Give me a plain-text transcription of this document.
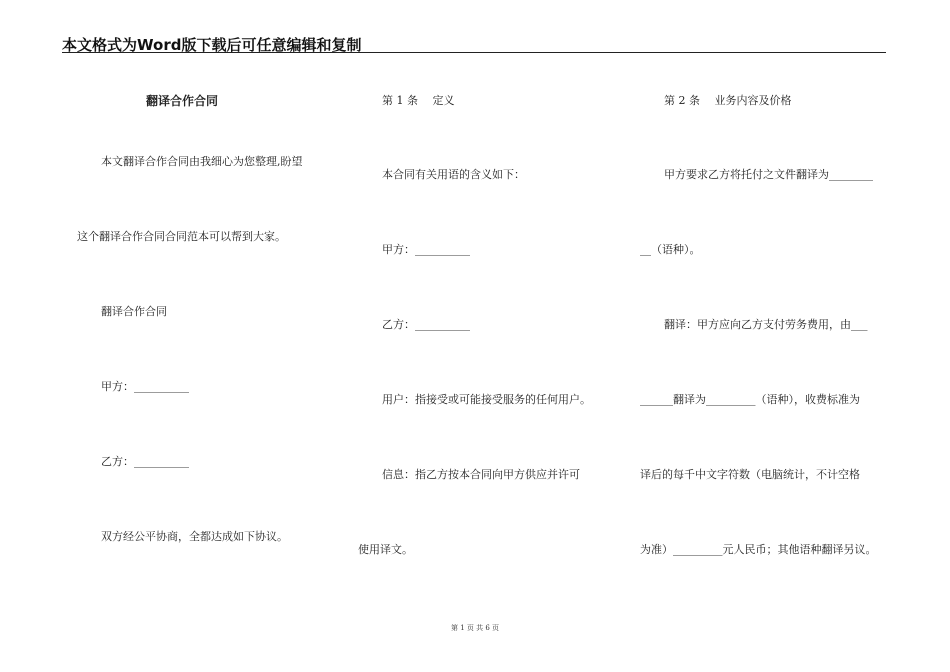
本文格式为Word版下载后可任意编辑和复制
翻译合作合同
本文翻译合作合同由我细心为您整理,盼望
这个翻译合作合同合同范本可以帮到大家。
翻译合作合同
甲方：__________
乙方：__________
双方经公平协商，全都达成如下协议。
第 1 条　 定义
本合同有关用语的含义如下：
甲方：__________
乙方：__________
用户：指接受或可能接受服务的任何用户。
信息：指乙方按本合同向甲方供应并许可
使用译文。
第 2 条　 业务内容及价格
甲方要求乙方将托付之文件翻译为________
__（语种）。
翻译：甲方应向乙方支付劳务费用，由___
______翻译为_________（语种），收费标准为
译后的每千中文字符数（电脑统计，不计空格
为准）_________元人民币；其他语种翻译另议。
第 1 页 共 6 页
